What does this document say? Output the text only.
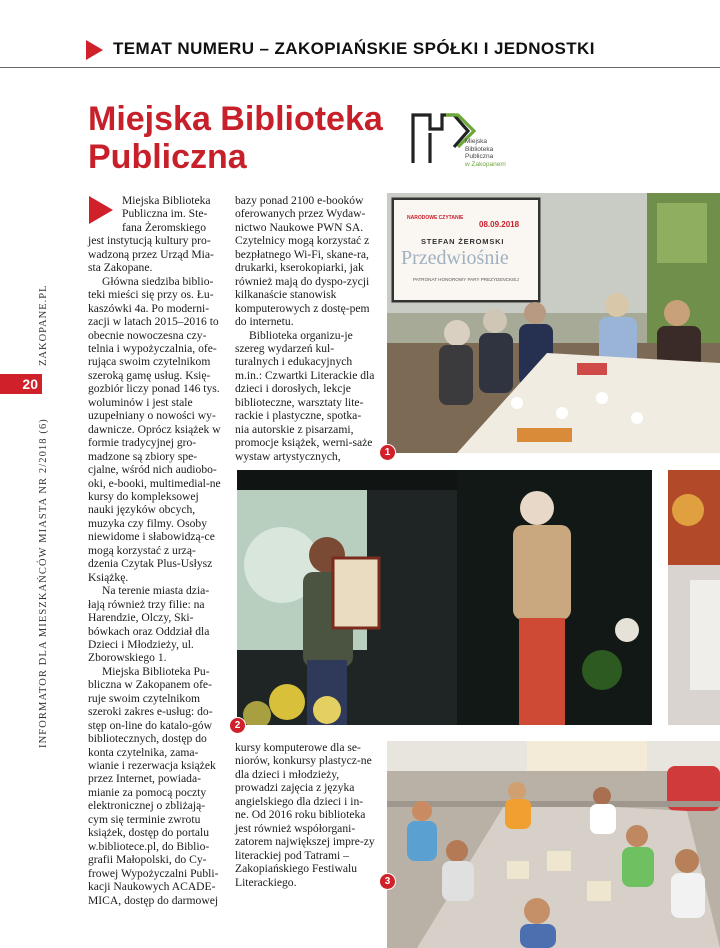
TEMAT NUMERU – ZAKOPIAŃSKIE SPÓŁKI I JEDNOSTKI
INFORMATOR DLA MIESZKAŃCÓW MIASTA NR 2/2018 (6)
ZAKOPANE.PL
20
Miejska Biblioteka
Publiczna	Miejska
Biblioteka
Publiczna
w Zakopanem

Miejska Biblioteka

Publiczna im. Ste-

fana Żeromskiego

jest instytucją kultury pro-wadzoną przez Urząd Mia-sta Zakopane.

Główna siedziba biblio-teki mieści się przy os. Łu-kaszówki 4a. Po moderni-zacji w latach 2015–2016 to obecnie nowoczesna czy-telnia i wypożyczalnia, ofe-rująca swoim czytelnikom szeroką gamę usług. Księ-gozbiór liczy ponad 146 tys. woluminów i jest stale uzupełniany o nowości wy-dawnicze. Oprócz książek w formie tradycyjnej gro-madzone są zbiory spe-cjalne, wśród nich audiobo-oki, e-booki, multimedial-ne kursy do kompleksowej nauki języków obcych, muzyka czy filmy. Osoby niewidome i słabowidzą-ce mogą korzystać z urzą-dzenia Czytak Plus-Usłysz Książkę.

Na terenie miasta dzia-łają również trzy filie: na Harendzie, Olczy, Ski-bówkach oraz Oddział dla Dzieci i Młodzieży, ul. Zborowskiego 1.

Miejska Biblioteka Pu-bliczna w Zakopanem ofe-ruje swoim czytelnikom szeroki zakres e-usług: do-stęp on-line do katalo-gów bibliotecznych, dostęp do konta czytelnika, zama-wianie i rezerwacja książek przez Internet, powiada-mianie za pomocą poczty elektronicznej o zbliżają-cym się terminie zwrotu książek, dostęp do portalu w.bibliotece.pl, do Biblio-grafii Małopolski, do Cy-frowej Wypożyczalni Publi-kacji Naukowych ACADE-MICA, dostęp do darmowej

bazy ponad 2100 e-booków oferowanych przez Wydaw-nictwo Naukowe PWN SA. Czytelnicy mogą korzystać z bezpłatnego Wi-Fi, skane-ra, drukarki, kserokopiarki, jak również mają do dyspo-zycji kilkanaście stanowisk komputerowych z dostę-pem do internetu.

Biblioteka organizu-je szereg wydarzeń kul-turalnych i edukacyjnych m.in.: Czwartki Literackie dla dzieci i dorosłych, lekcje biblioteczne, warsztaty lite-rackie i plastyczne, spotka-nia autorskie z pisarzami, promocje książek, werni-saże wystaw artystycznych,

kursy komputerowe dla se-niorów, konkursy plastycz-ne dla dzieci i młodzieży, prowadzi zajęcia z języka angielskiego dla dzieci i in-ne. Od 2016 roku biblioteka jest również współorgani-zatorem największej impre-zy literackiej pod Tatrami – Zakopiańskiego Festiwalu Literackiego.

NARODOWE CZYTANIE
08.09.2018
STEFAN ŻEROMSKI
Przedwiośnie
PATRONAT HONOROWY PARY PREZYDENCKIEJ
1
2
3
